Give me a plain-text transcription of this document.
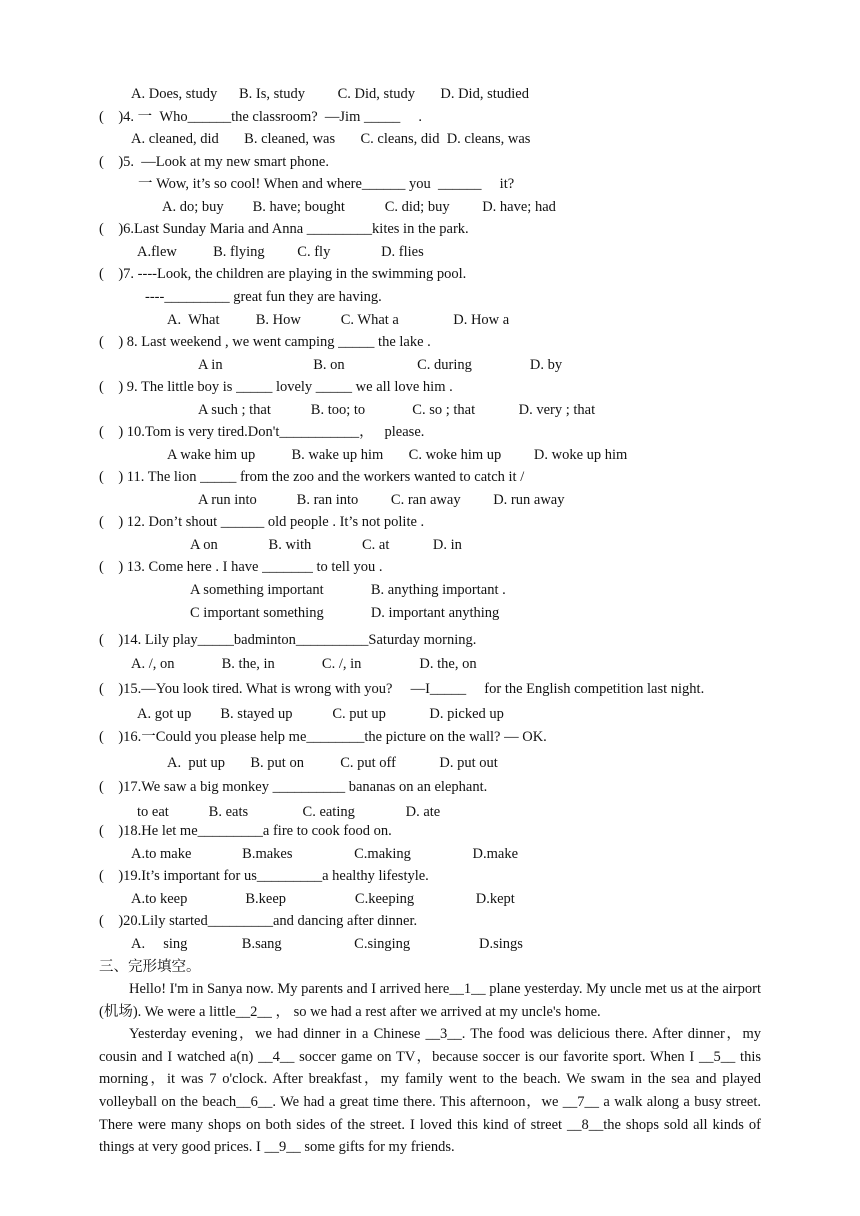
A. Does, study      B. Is, study         C. Did, study       D. Did, studied
(    )4. 一  Who______the classroom?  —Jim _____     .
A. cleaned, did       B. cleaned, was       C. cleans, did  D. cleans, was
(    )5.  —Look at my new smart phone.
一 Wow, it’s so cool! When and where______ you  ______     it?
A. do; buy        B. have; bought           C. did; buy         D. have; had
(    )6.Last Sunday Maria and Anna _________kites in the park.
A.flew          B. flying         C. fly              D. flies
(    )7. ----Look, the children are playing in the swimming pool.
----_________ great fun they are having.
A.  What          B. How           C. What a               D. How a
(    ) 8. Last weekend , we went camping _____ the lake .
A in                         B. on                    C. during                D. by
(    ) 9. The little boy is _____ lovely _____ we all love him .
A such ; that           B. too; to             C. so ; that            D. very ; that
(    ) 10.Tom is very tired.Don't___________，   please.
A wake him up          B. wake up him       C. woke him up         D. woke up him
(    ) 11. The lion _____ from the zoo and the workers wanted to catch it /
A run into           B. ran into         C. ran away         D. run away
(    ) 12. Don’t shout ______ old people . It’s not polite .
A on              B. with              C. at            D. in
(    ) 13. Come here . I have _______ to tell you .
A something important             B. anything important .
C important something             D. important anything
(    )14. Lily play_____badminton__________Saturday morning.
A. /, on             B. the, in             C. /, in                D. the, on
(    )15.—You look tired. What is wrong with you?     —I_____     for the English competition last night.
A. got up        B. stayed up           C. put up            D. picked up
(    )16.一Could you please help me________the picture on the wall? — OK.
A.  put up       B. put on          C. put off            D. put out
(    )17.We saw a big monkey __________ bananas on an elephant.
to eat           B. eats               C. eating              D. ate
(    )18.He let me_________a fire to cook food on.
A.to make              B.makes                 C.making                 D.make
(    )19.It’s important for us_________a healthy lifestyle.
A.to keep                B.keep                   C.keeping                 D.kept
(    )20.Lily started_________and dancing after dinner.
A.     sing               B.sang                    C.singing                   D.sings
三、完形填空。

Hello! I'm in Sanya now. My parents and I arrived here__1__ plane yesterday. My uncle met us at the airport (机场). We were a little__2__ ， so we had a rest after we arrived at my uncle's home.

Yesterday evening，we had dinner in a Chinese __3__. The food was delicious there. After dinner，my cousin and I watched a(n) __4__ soccer game on TV，because soccer is our favorite sport. When I __5__ this morning，it was 7 o'clock. After breakfast，my family went to the beach. We swam in the sea and played volleyball on the beach__6__. We had a great time there. This afternoon，we __7__ a walk along a busy street. There were many shops on both sides of the street. I loved this kind of street __8__the shops sold all kinds of things at very good prices. I __9__ some gifts for my friends.
